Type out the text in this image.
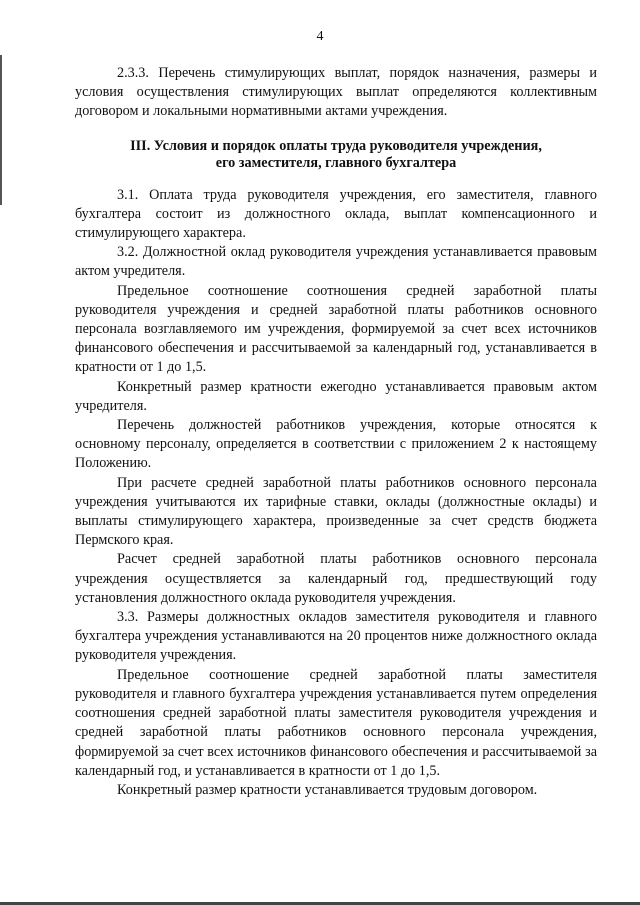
4

2.3.3. Перечень стимулирующих выплат, порядок назначения, размеры и условия осуществления стимулирующих выплат определяются коллективным договором и локальными нормативными актами учреждения.

III. Условия и порядок оплаты труда руководителя учреждения,
его заместителя, главного бухгалтера

3.1. Оплата труда руководителя учреждения, его заместителя, главного бухгалтера состоит из должностного оклада, выплат компенсационного и стимулирующего характера.

3.2. Должностной оклад руководителя учреждения устанавливается правовым актом учредителя.

Предельное соотношение соотношения средней заработной платы руководителя учреждения и средней заработной платы работников основного персонала возглавляемого им учреждения, формируемой за счет всех источников финансового обеспечения и рассчитываемой за календарный год, устанавливается в кратности от 1 до 1,5.

Конкретный размер кратности ежегодно устанавливается правовым актом учредителя.

Перечень должностей работников учреждения, которые относятся к основному персоналу, определяется в соответствии с приложением 2 к настоящему Положению.

При расчете средней заработной платы работников основного персонала учреждения учитываются их тарифные ставки, оклады (должностные оклады) и выплаты стимулирующего характера, произведенные за счет средств бюджета Пермского края.

Расчет средней заработной платы работников основного персонала учреждения осуществляется за календарный год, предшествующий году установления должностного оклада руководителя учреждения.

3.3. Размеры должностных окладов заместителя руководителя и главного бухгалтера учреждения устанавливаются на 20 процентов ниже должностного оклада руководителя учреждения.

Предельное соотношение средней заработной платы заместителя руководителя и главного бухгалтера учреждения устанавливается путем определения соотношения средней заработной платы заместителя руководителя учреждения и средней заработной платы работников основного персонала учреждения, формируемой за счет всех источников финансового обеспечения и рассчитываемой за календарный год, и устанавливается в кратности от 1 до 1,5.

Конкретный размер кратности устанавливается трудовым договором.
